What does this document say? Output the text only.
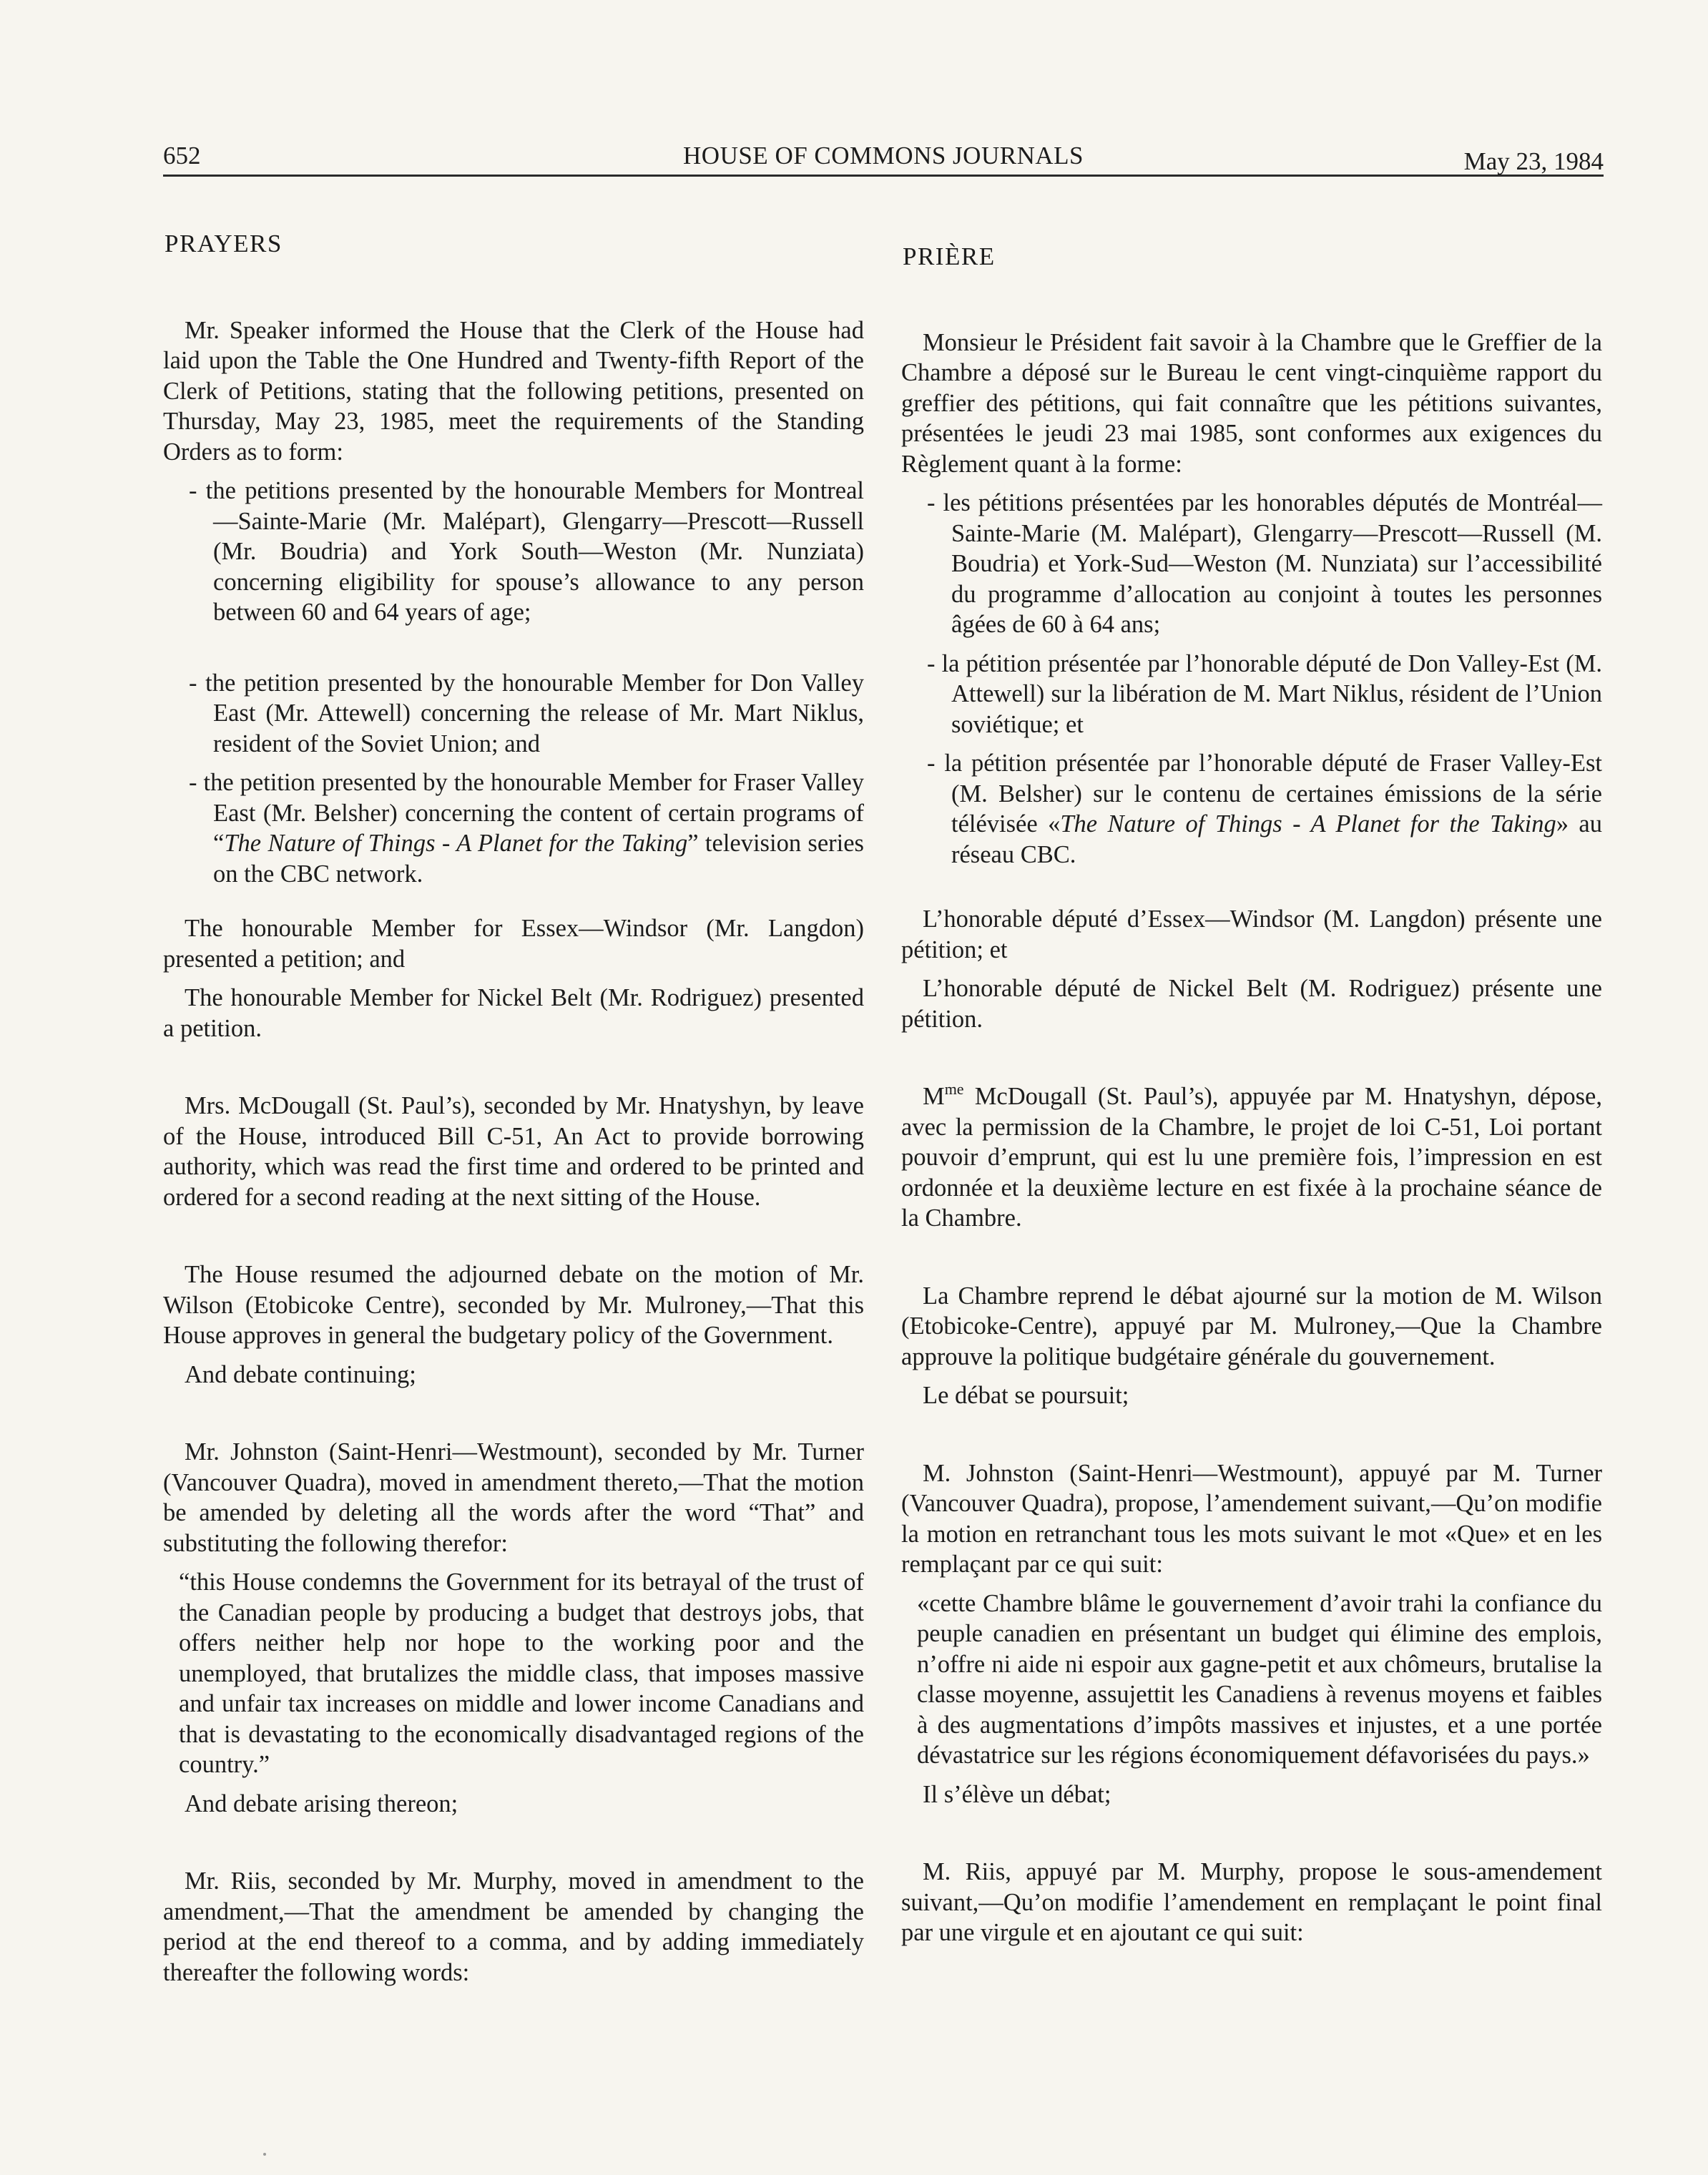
652	HOUSE OF COMMONS JOURNALS	May 23, 1984
PRAYERS

Mr. Speaker informed the House that the Clerk of the House had laid upon the Table the One Hundred and Twenty-fifth Report of the Clerk of Petitions, stating that the following petitions, presented on Thursday, May 23, 1985, meet the requirements of the Standing Orders as to form:

- the petitions presented by the honourable Members for Montreal—Sainte-Marie (Mr. Malépart), Glengarry—Prescott—Russell (Mr. Boudria) and York South—Weston (Mr. Nunziata) concerning eligibility for spouse’s allowance to any person between 60 and 64 years of age;

- the petition presented by the honourable Member for Don Valley East (Mr. Attewell) concerning the release of Mr. Mart Niklus, resident of the Soviet Union; and

- the petition presented by the honourable Member for Fraser Valley East (Mr. Belsher) concerning the content of certain programs of “The Nature of Things - A Planet for the Taking” television series on the CBC network.

The honourable Member for Essex—Windsor (Mr. Langdon) presented a petition; and

The honourable Member for Nickel Belt (Mr. Rodriguez) presented a petition.

Mrs. McDougall (St. Paul’s), seconded by Mr. Hnatyshyn, by leave of the House, introduced Bill C-51, An Act to provide borrowing authority, which was read the first time and ordered to be printed and ordered for a second reading at the next sitting of the House.

The House resumed the adjourned debate on the motion of Mr. Wilson (Etobicoke Centre), seconded by Mr. Mulroney,—That this House approves in general the budgetary policy of the Government.

And debate continuing;

Mr. Johnston (Saint-Henri—Westmount), seconded by Mr. Turner (Vancouver Quadra), moved in amendment thereto,—That the motion be amended by deleting all the words after the word “That” and substituting the following therefor:

“this House condemns the Government for its betrayal of the trust of the Canadian people by producing a budget that destroys jobs, that offers neither help nor hope to the working poor and the unemployed, that brutalizes the middle class, that imposes massive and unfair tax increases on middle and lower income Canadians and that is devastating to the economically disadvantaged regions of the country.”

And debate arising thereon;

Mr. Riis, seconded by Mr. Murphy, moved in amendment to the amendment,—That the amendment be amended by changing the period at the end thereof to a comma, and by adding immediately thereafter the following words:

PRIÈRE

Monsieur le Président fait savoir à la Chambre que le Greffier de la Chambre a déposé sur le Bureau le cent vingt-cinquième rapport du greffier des pétitions, qui fait connaître que les pétitions suivantes, présentées le jeudi 23 mai 1985, sont conformes aux exigences du Règlement quant à la forme:

- les pétitions présentées par les honorables députés de Montréal—Sainte-Marie (M. Malépart), Glengarry—Prescott—Russell (M. Boudria) et York-Sud—Weston (M. Nunziata) sur l’accessibilité du programme d’allocation au conjoint à toutes les personnes âgées de 60 à 64 ans;

- la pétition présentée par l’honorable député de Don Valley-Est (M. Attewell) sur la libération de M. Mart Niklus, résident de l’Union soviétique; et

- la pétition présentée par l’honorable député de Fraser Valley-Est (M. Belsher) sur le contenu de certaines émissions de la série télévisée «The Nature of Things - A Planet for the Taking» au réseau CBC.

L’honorable député d’Essex—Windsor (M. Langdon) présente une pétition; et

L’honorable député de Nickel Belt (M. Rodriguez) présente une pétition.

$M^{me}$ McDougall (St. Paul’s), appuyée par M. Hnatyshyn, dépose, avec la permission de la Chambre, le projet de loi C-51, Loi portant pouvoir d’emprunt, qui est lu une première fois, l’impression en est ordonnée et la deuxième lecture en est fixée à la prochaine séance de la Chambre.

La Chambre reprend le débat ajourné sur la motion de M. Wilson (Etobicoke-Centre), appuyé par M. Mulroney,—Que la Chambre approuve la politique budgétaire générale du gouvernement.

Le débat se poursuit;

M. Johnston (Saint-Henri—Westmount), appuyé par M. Turner (Vancouver Quadra), propose, l’amendement suivant,—Qu’on modifie la motion en retranchant tous les mots suivant le mot «Que» et en les remplaçant par ce qui suit:

«cette Chambre blâme le gouvernement d’avoir trahi la confiance du peuple canadien en présentant un budget qui élimine des emplois, n’offre ni aide ni espoir aux gagne-petit et aux chômeurs, brutalise la classe moyenne, assujettit les Canadiens à revenus moyens et faibles à des augmentations d’impôts massives et injustes, et a une portée dévastatrice sur les régions économiquement défavorisées du pays.»

Il s’élève un débat;

M. Riis, appuyé par M. Murphy, propose le sous-amendement suivant,—Qu’on modifie l’amendement en remplaçant le point final par une virgule et en ajoutant ce qui suit:
